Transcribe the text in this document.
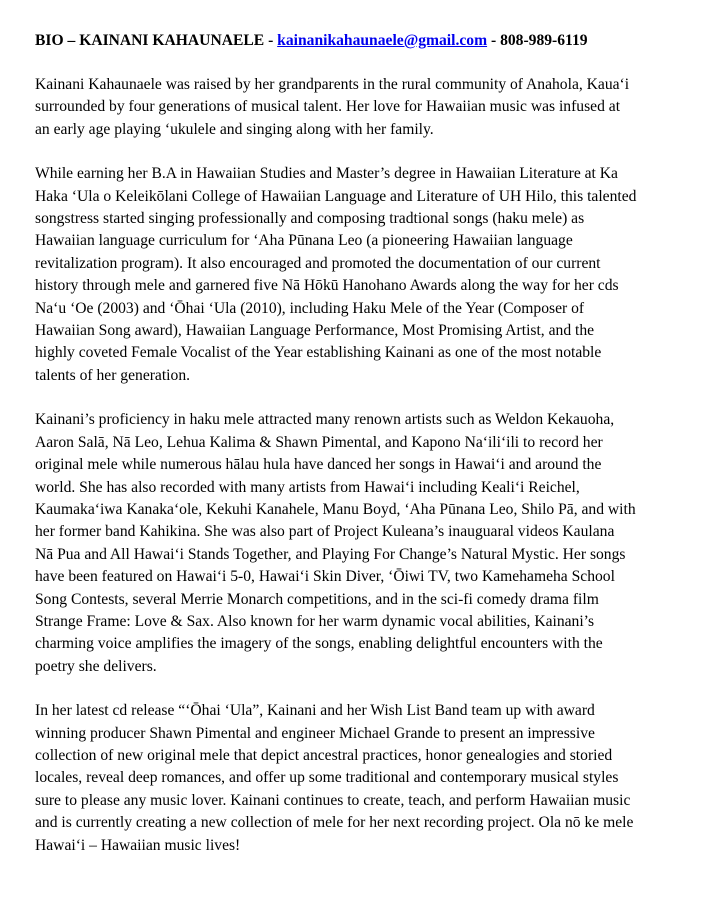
BIO – KAINANI KAHAUNAELE - kainanikahaunaele@gmail.com - 808-989-6119

Kainani Kahaunaele was raised by her grandparents in the rural community of Anahola, Kaua‘i
surrounded by four generations of musical talent. Her love for Hawaiian music was infused at
an early age playing ‘ukulele and singing along with her family.

While earning her B.A in Hawaiian Studies and Master’s degree in Hawaiian Literature at Ka
Haka ‘Ula o Keleikōlani College of Hawaiian Language and Literature of UH Hilo, this talented
songstress started singing professionally and composing tradtional songs (haku mele) as
Hawaiian language curriculum for ‘Aha Pūnana Leo (a pioneering Hawaiian language
revitalization program). It also encouraged and promoted the documentation of our current
history through mele and garnered five Nā Hōkū Hanohano Awards along the way for her cds
Na‘u ‘Oe (2003) and ‘Ōhai ‘Ula (2010), including Haku Mele of the Year (Composer of
Hawaiian Song award), Hawaiian Language Performance, Most Promising Artist, and the
highly coveted Female Vocalist of the Year establishing Kainani as one of the most notable
talents of her generation.

Kainani’s proficiency in haku mele attracted many renown artists such as Weldon Kekauoha,
Aaron Salā, Nā Leo, Lehua Kalima & Shawn Pimental, and Kapono Na‘ili‘ili to record her
original mele while numerous hālau hula have danced her songs in Hawai‘i and around the
world. She has also recorded with many artists from Hawai‘i including Keali‘i Reichel,
Kaumaka‘iwa Kanaka‘ole, Kekuhi Kanahele, Manu Boyd, ‘Aha Pūnana Leo, Shilo Pā, and with
her former band Kahikina. She was also part of Project Kuleana’s inauguaral videos Kaulana
Nā Pua and All Hawai‘i Stands Together, and Playing For Change’s Natural Mystic. Her songs
have been featured on Hawai‘i 5-0, Hawai‘i Skin Diver, ‘Ōiwi TV, two Kamehameha School
Song Contests, several Merrie Monarch competitions, and in the sci-fi comedy drama film
Strange Frame: Love & Sax. Also known for her warm dynamic vocal abilities, Kainani’s
charming voice amplifies the imagery of the songs, enabling delightful encounters with the
poetry she delivers.

In her latest cd release “‘Ōhai ‘Ula”, Kainani and her Wish List Band team up with award
winning producer Shawn Pimental and engineer Michael Grande to present an impressive
collection of new original mele that depict ancestral practices, honor genealogies and storied
locales, reveal deep romances, and offer up some traditional and contemporary musical styles
sure to please any music lover. Kainani continues to create, teach, and perform Hawaiian music
and is currently creating a new collection of mele for her next recording project. Ola nō ke mele
Hawai‘i – Hawaiian music lives!
